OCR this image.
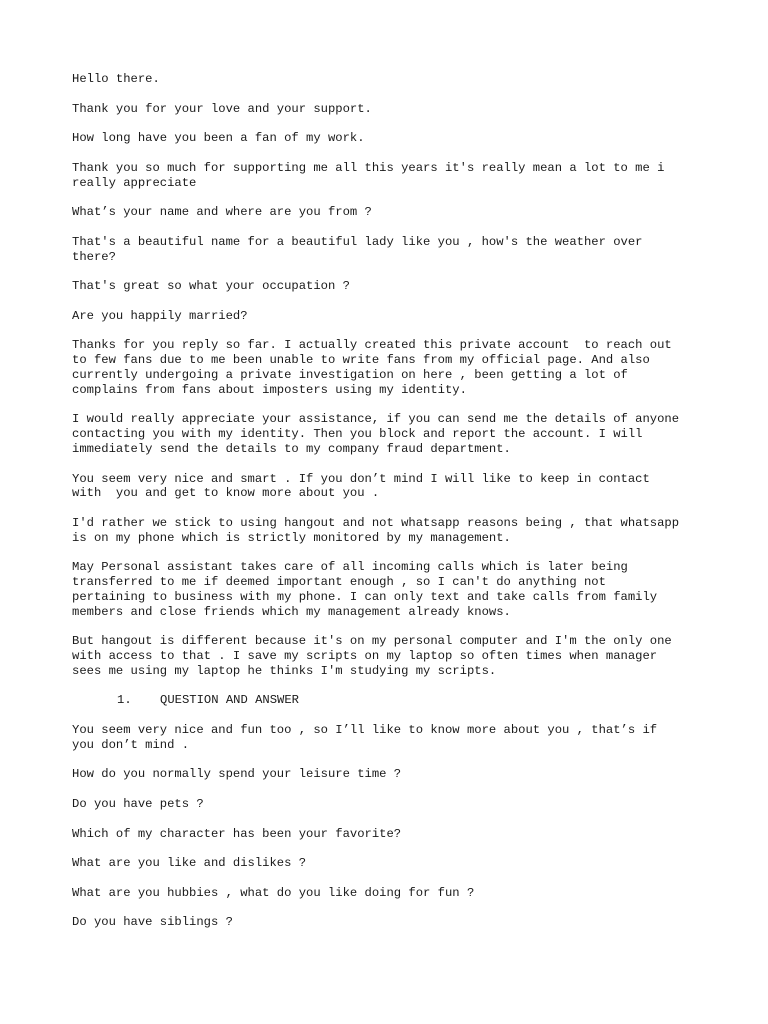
Hello there.

Thank you for your love and your support.

How long have you been a fan of my work.

Thank you so much for supporting me all this years it's really mean a lot to me i
really appreciate

What’s your name and where are you from ?

That's a beautiful name for a beautiful lady like you , how's the weather over
there?

That's great so what your occupation ?

Are you happily married?

Thanks for you reply so far. I actually created this private account  to reach out
to few fans due to me been unable to write fans from my official page. And also
currently undergoing a private investigation on here , been getting a lot of
complains from fans about imposters using my identity.

I would really appreciate your assistance, if you can send me the details of anyone
contacting you with my identity. Then you block and report the account. I will
immediately send the details to my company fraud department.

You seem very nice and smart . If you don’t mind I will like to keep in contact
with  you and get to know more about you .

I'd rather we stick to using hangout and not whatsapp reasons being , that whatsapp
is on my phone which is strictly monitored by my management.

May Personal assistant takes care of all incoming calls which is later being
transferred to me if deemed important enough , so I can't do anything not
pertaining to business with my phone. I can only text and take calls from family
members and close friends which my management already knows.

But hangout is different because it's on my personal computer and I'm the only one
with access to that . I save my scripts on my laptop so often times when manager
sees me using my laptop he thinks I'm studying my scripts.

1. QUESTION AND ANSWER

You seem very nice and fun too , so I’ll like to know more about you , that’s if
you don’t mind .

How do you normally spend your leisure time ?

Do you have pets ?

Which of my character has been your favorite?

What are you like and dislikes ?

What are you hubbies , what do you like doing for fun ?

Do you have siblings ?
